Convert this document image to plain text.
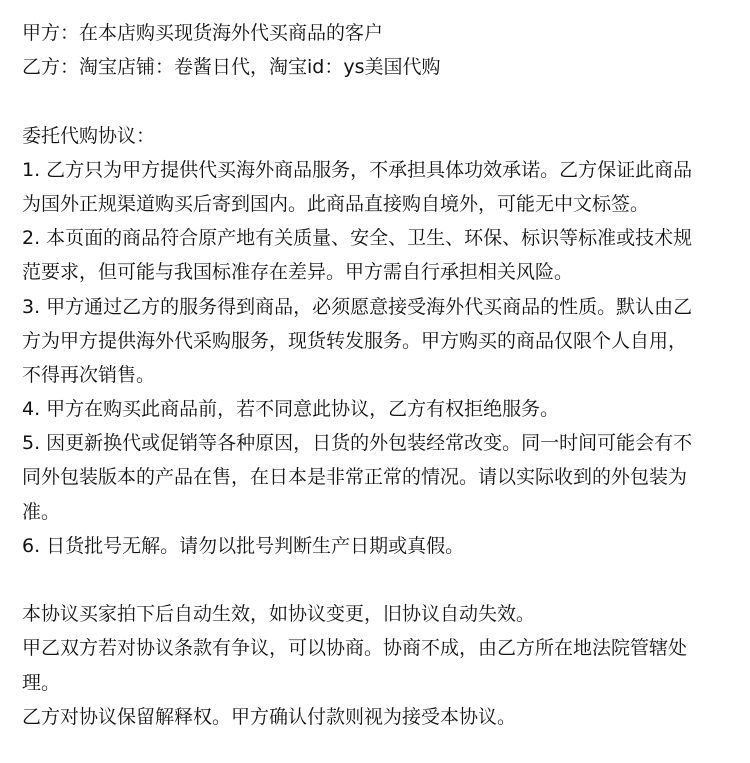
甲方：在本店购买现货海外代买商品的客户
乙方：淘宝店铺：卷酱日代，淘宝id：ys美国代购
委托代购协议：
1. 乙方只为甲方提供代买海外商品服务，不承担具体功效承诺。乙方保证此商品
为国外正规渠道购买后寄到国内。此商品直接购自境外，可能无中文标签。
2. 本页面的商品符合原产地有关质量、安全、卫生、环保、标识等标准或技术规
范要求，但可能与我国标准存在差异。甲方需自行承担相关风险。
3. 甲方通过乙方的服务得到商品，必须愿意接受海外代买商品的性质。默认由乙
方为甲方提供海外代采购服务，现货转发服务。甲方购买的商品仅限个人自用，
不得再次销售。
4. 甲方在购买此商品前，若不同意此协议，乙方有权拒绝服务。
5. 因更新换代或促销等各种原因，日货的外包装经常改变。同一时间可能会有不
同外包装版本的产品在售，在日本是非常正常的情况。请以实际收到的外包装为
准。
6. 日货批号无解。请勿以批号判断生产日期或真假。
本协议买家拍下后自动生效，如协议变更，旧协议自动失效。
甲乙双方若对协议条款有争议，可以协商。协商不成，由乙方所在地法院管辖处
理。
乙方对协议保留解释权。甲方确认付款则视为接受本协议。
